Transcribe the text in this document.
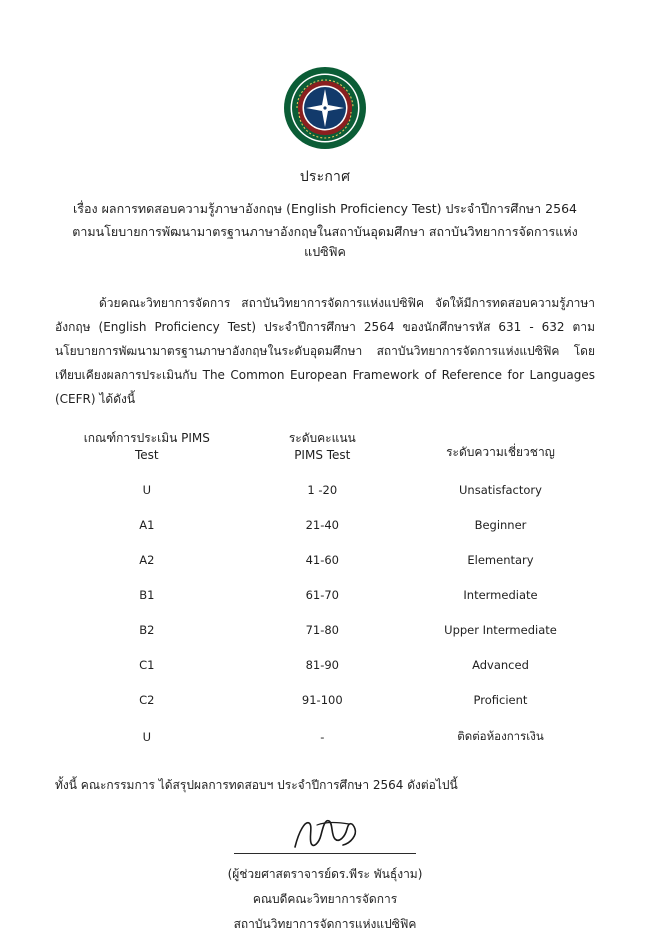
ประกาศ
เรื่อง ผลการทดสอบความรู้ภาษาอังกฤษ (English Proficiency Test) ประจำปีการศึกษา 2564
ตามนโยบายการพัฒนามาตรฐานภาษาอังกฤษในสถาบันอุดมศึกษา สถาบันวิทยาการจัดการแห่งแปซิฟิค
ด้วยคณะวิทยาการจัดการ สถาบันวิทยาการจัดการแห่งแปซิฟิค จัดให้มีการทดสอบความรู้ภาษาอังกฤษ (English Proficiency Test) ประจำปีการศึกษา 2564 ของนักศึกษารหัส 631 - 632 ตามนโยบายการพัฒนามาตรฐานภาษาอังกฤษในระดับอุดมศึกษา สถาบันวิทยาการจัดการแห่งแปซิฟิค โดยเทียบเคียงผลการประเมินกับ The Common European Framework of Reference for Languages (CEFR) ได้ดังนี้
เกณฑ์การประเมิน PIMS	ระดับคะแนน	ระดับความเชี่ยวชาญ
Test	PIMS Test	
U	1 -20	Unsatisfactory
A1	21-40	Beginner
A2	41-60	Elementary
B1	61-70	Intermediate
B2	71-80	Upper Intermediate
C1	81-90	Advanced
C2	91-100	Proficient
U	-	ติดต่อห้องการเงิน
ทั้งนี้ คณะกรรมการ ได้สรุปผลการทดสอบฯ ประจำปีการศึกษา 2564 ดังต่อไปนี้
(ผู้ช่วยศาสตราจารย์ดร.พีระ พันธุ์งาม)
คณบดีคณะวิทยาการจัดการ
สถาบันวิทยาการจัดการแห่งแปซิฟิค
